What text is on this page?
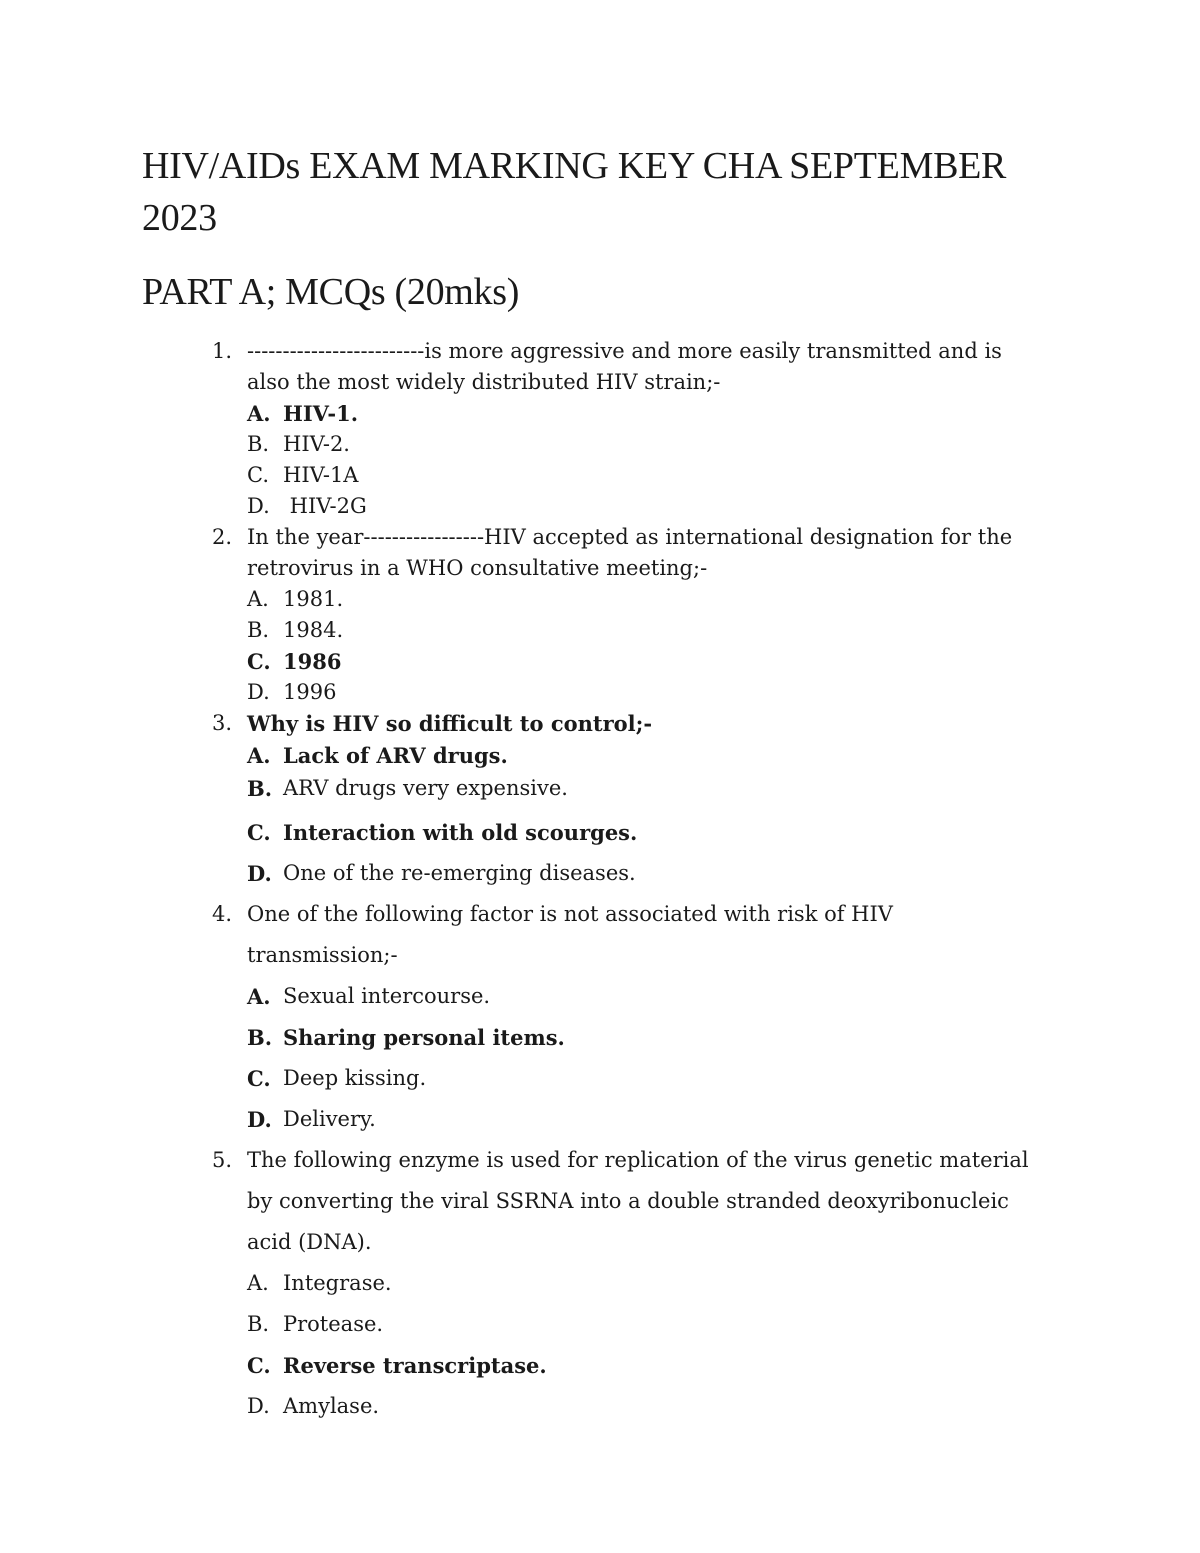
HIV/AIDs EXAM MARKING KEY CHA SEPTEMBER 2023
PART A; MCQs (20mks)
1. -------------------------is more aggressive and more easily transmitted and is also the most widely distributed HIV strain;-
A. HIV-1.
B. HIV-2.
C. HIV-1A
D. HIV-2G
2. In the year-----------------HIV accepted as international designation for the retrovirus in a WHO consultative meeting;-
A. 1981.
B. 1984.
C. 1986
D. 1996
3. Why is HIV so difficult to control;-
A. Lack of ARV drugs.
B. ARV drugs very expensive.
C. Interaction with old scourges.
D. One of the re-emerging diseases.
4. One of the following factor is not associated with risk of HIV transmission;-
A. Sexual intercourse.
B. Sharing personal items.
C. Deep kissing.
D. Delivery.
5. The following enzyme is used for replication of the virus genetic material by converting the viral SSRNA into a double stranded deoxyribonucleic acid (DNA).
A. Integrase.
B. Protease.
C. Reverse transcriptase.
D. Amylase.
